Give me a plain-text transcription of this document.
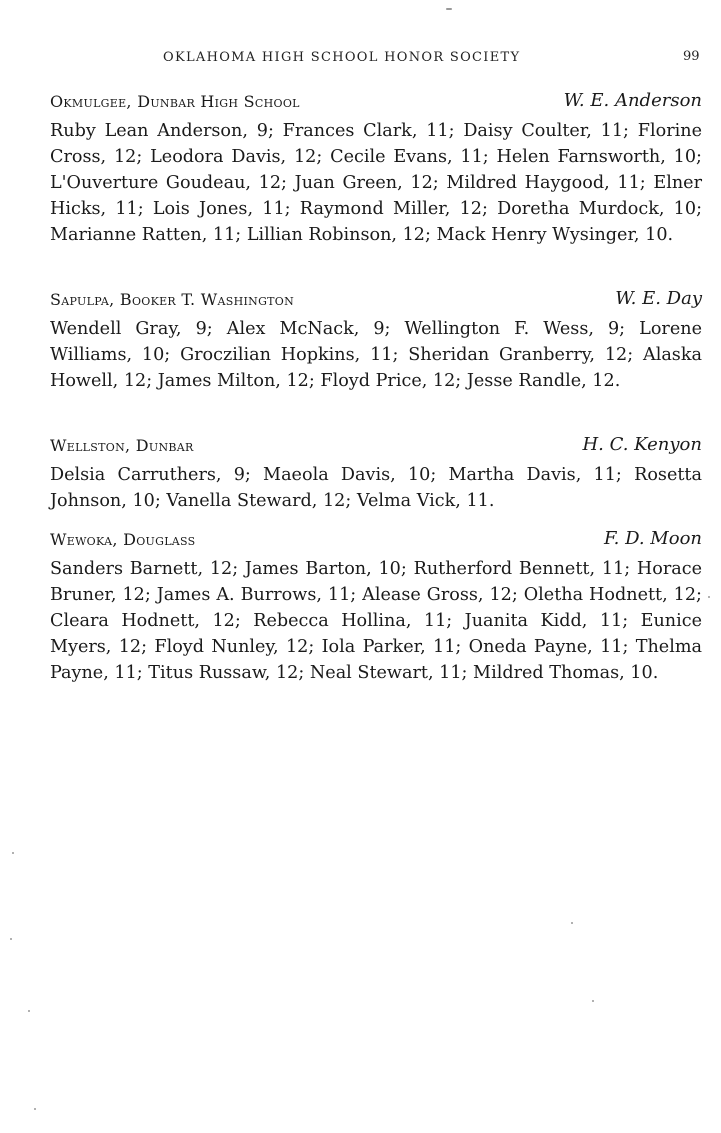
OKLAHOMA HIGH SCHOOL HONOR SOCIETY	99
Okmulgee, Dunbar High School	W. E. Anderson

Ruby Lean Anderson, 9; Frances Clark, 11; Daisy Coulter, 11; Florine Cross, 12; Leodora Davis, 12; Cecile Evans, 11; Helen Farnsworth, 10; L'Ouverture Goudeau, 12; Juan Green, 12; Mildred Haygood, 11; Elner Hicks, 11; Lois Jones, 11; Raymond Miller, 12; Doretha Murdock, 10; Marianne Ratten, 11; Lillian Robinson, 12; Mack Henry Wysinger, 10.

Sapulpa, Booker T. Washington	W. E. Day

Wendell Gray, 9; Alex McNack, 9; Wellington F. Wess, 9; Lorene Williams, 10; Groczilian Hopkins, 11; Sheridan Granberry, 12; Alaska Howell, 12; James Milton, 12; Floyd Price, 12; Jesse Randle, 12.

Wellston, Dunbar	H. C. Kenyon

Delsia Carruthers, 9; Maeola Davis, 10; Martha Davis, 11; Rosetta Johnson, 10; Vanella Steward, 12; Velma Vick, 11.

Wewoka, Douglass	F. D. Moon

Sanders Barnett, 12; James Barton, 10; Rutherford Bennett, 11; Horace Bruner, 12; James A. Burrows, 11; Alease Gross, 12; Oletha Hodnett, 12; Cleara Hodnett, 12; Rebecca Hollina, 11; Juanita Kidd, 11; Eunice Myers, 12; Floyd Nunley, 12; Iola Parker, 11; Oneda Payne, 11; Thelma Payne, 11; Titus Russaw, 12; Neal Stewart, 11; Mildred Thomas, 10.
